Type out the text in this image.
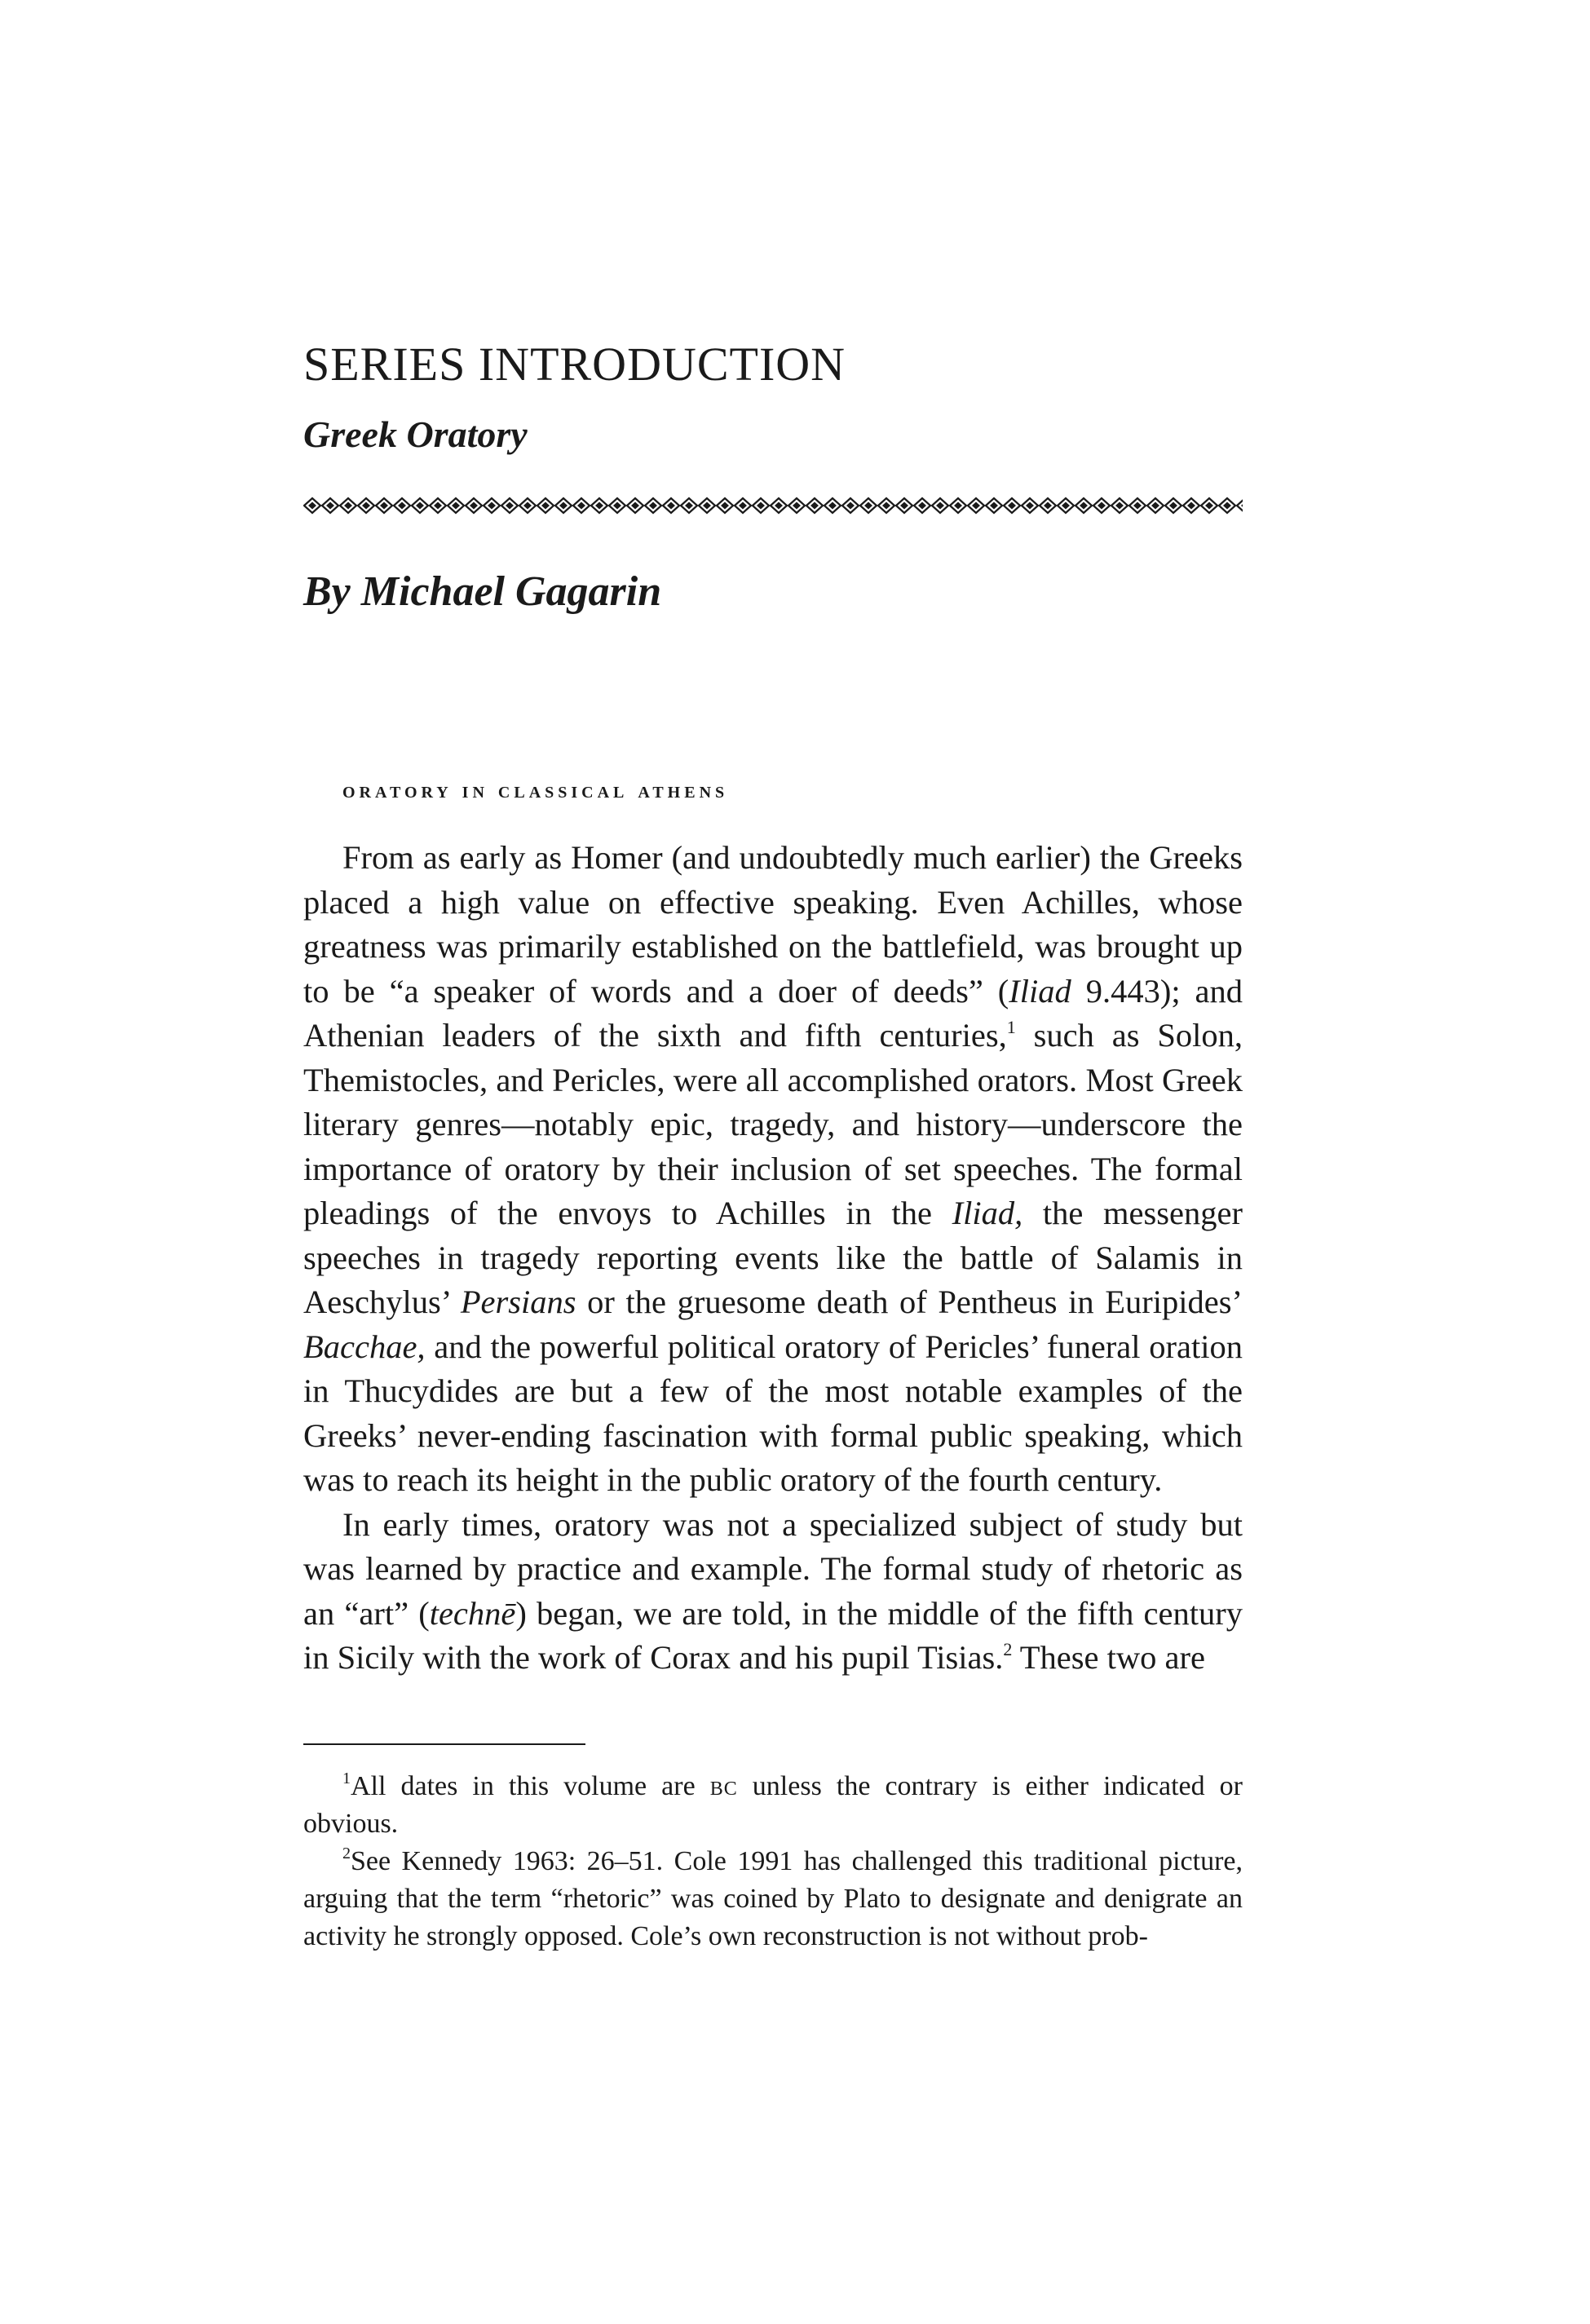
SERIES INTRODUCTION
Greek Oratory
By Michael Gagarin
oratory in classical athens

From as early as Homer (and undoubtedly much earlier) the Greeks placed a high value on effective speaking. Even Achilles, whose greatness was primarily established on the battlefield, was brought up to be “a speaker of words and a doer of deeds” (Iliad 9.443); and Athenian leaders of the sixth and fifth centuries,$^1$ such as Solon, Themistocles, and Pericles, were all accomplished orators. Most Greek literary genres—notably epic, tragedy, and history—underscore the importance of oratory by their inclusion of set speeches. The formal pleadings of the envoys to Achilles in the Iliad, the messenger speeches in tragedy reporting events like the battle of Salamis in Aeschylus’ Persians or the gruesome death of Pentheus in Euripides’ Bacchae, and the powerful political oratory of Pericles’ funeral oration in Thucydides are but a few of the most notable examples of the Greeks’ never-ending fascination with formal public speaking, which was to reach its height in the public oratory of the fourth century.

In early times, oratory was not a specialized subject of study but was learned by practice and example. The formal study of rhetoric as an “art” (technē) began, we are told, in the middle of the fifth century in Sicily with the work of Corax and his pupil Tisias.$^2$ These two are

$^1$All dates in this volume are bc unless the contrary is either indicated or obvious.

$^2$See Kennedy 1963: 26–51. Cole 1991 has challenged this traditional picture, arguing that the term “rhetoric” was coined by Plato to designate and denigrate an activity he strongly opposed. Cole’s own reconstruction is not without prob-
